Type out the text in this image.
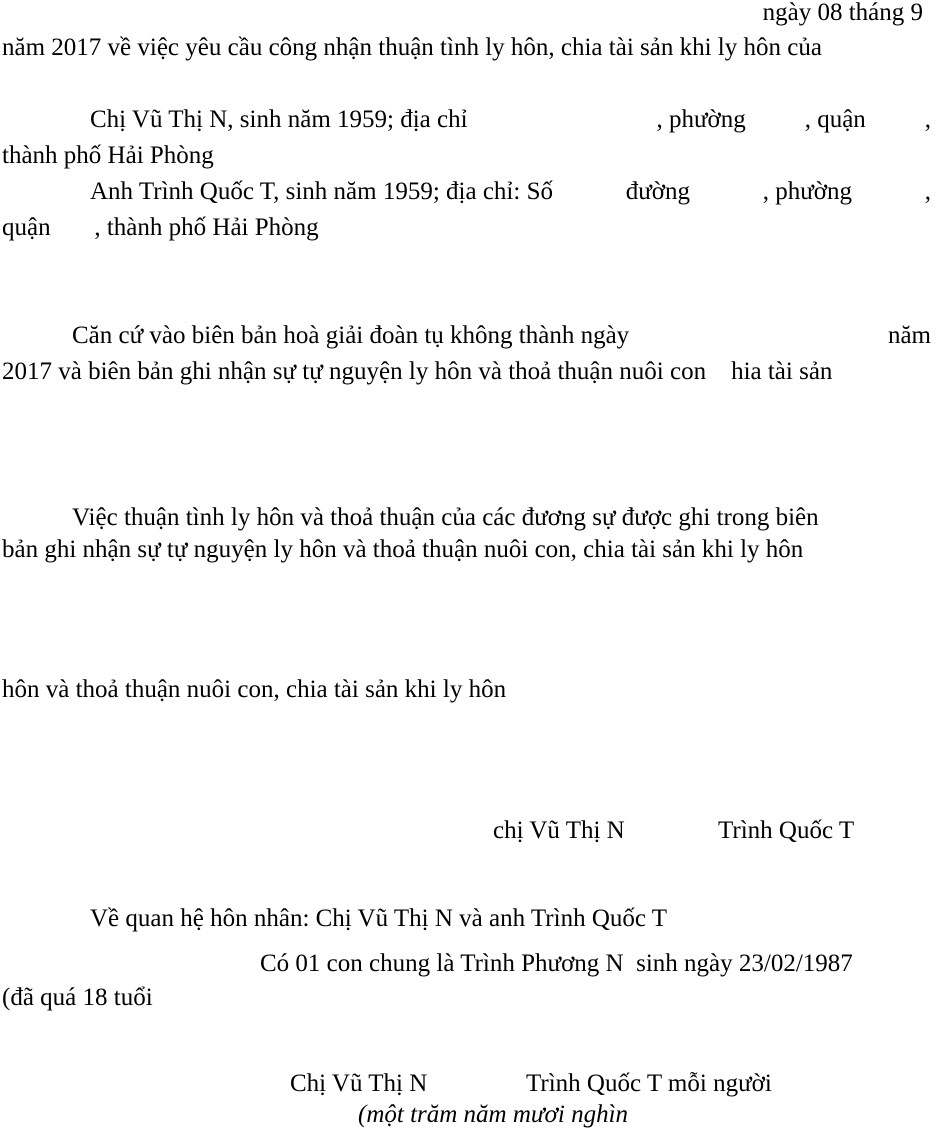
ngày 08 tháng 9
năm 2017 về việc yêu cầu công nhận thuận tình ly hôn, chia tài sản khi ly hôn của
Chị Vũ Thị N, sinh năm 1959; địa chỉ	, phường , quận ,
thành phố Hải Phòng
Anh Trình Quốc T, sinh năm 1959; địa chỉ: Số	đường	, phường	,
quận       , thành phố Hải Phòng
Căn cứ vào biên bản hoà giải đoàn tụ không thành ngày	năm
2017 và biên bản ghi nhận sự tự nguyện ly hôn và thoả thuận nuôi con    hia tài sản
Việc thuận tình ly hôn và thoả thuận của các đương sự được ghi trong biên
bản ghi nhận sự tự nguyện ly hôn và thoả thuận nuôi con, chia tài sản khi ly hôn
hôn và thoả thuận nuôi con, chia tài sản khi ly hôn
chị Vũ Thị N	Trình Quốc T
Về quan hệ hôn nhân: Chị Vũ Thị N và anh Trình Quốc T
Có 01 con chung là Trình Phương N  sinh ngày 23/02/1987
(đã quá 18 tuổi
Chị Vũ Thị N	Trình Quốc T mỗi người
(một trăm năm mươi nghìn
